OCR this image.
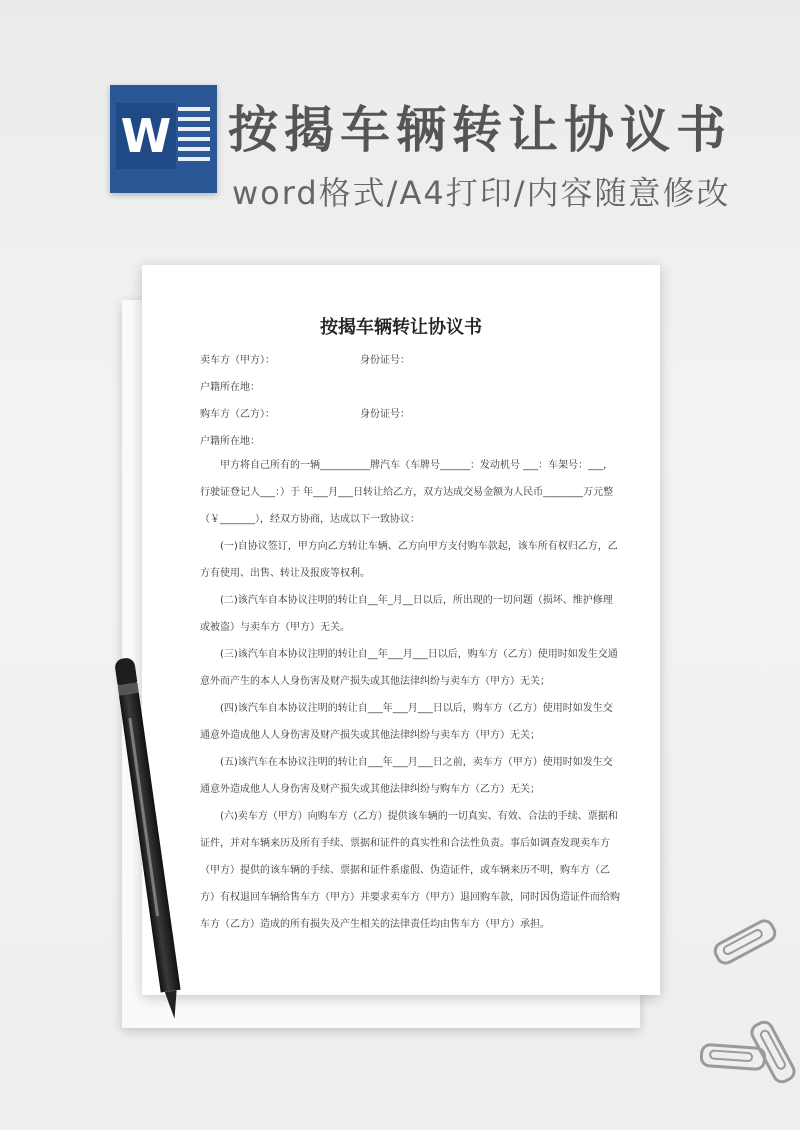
W 按揭车辆转让协议书
word格式/A4打印/内容随意修改
按揭车辆转让协议书
卖车方（甲方）：	身份证号：
户籍所在地：
购车方（乙方）：	身份证号：
户籍所在地：
甲方将自己所有的一辆__________牌汽车（车牌号______：发动机号 ___：车架号：___，行驶证登记人___：）于 年___月___日转让给乙方，双方达成交易金额为人民币________万元整（￥_______），经双方协商，达成以下一致协议：
(一)自协议签订，甲方向乙方转让车辆、乙方向甲方支付购车款起，该车所有权归乙方，乙方有使用、出售、转让及报废等权利。
(二)该汽车自本协议注明的转让自__年_月__日以后，所出现的一切问题（损坏、维护修理或被盗）与卖车方（甲方）无关。
(三)该汽车自本协议注明的转让自__年___月___日以后，购车方（乙方）使用时如发生交通意外而产生的本人人身伤害及财产损失或其他法律纠纷与卖车方（甲方）无关；
(四)该汽车自本协议注明的转让自___年___月___日以后，购车方（乙方）使用时如发生交通意外造成他人人身伤害及财产损失或其他法律纠纷与卖车方（甲方）无关；
(五)该汽车在本协议注明的转让自___年___月___日之前，卖车方（甲方）使用时如发生交通意外造成他人人身伤害及财产损失或其他法律纠纷与购车方（乙方）无关；
(六)卖车方（甲方）向购车方（乙方）提供该车辆的一切真实、有效、合法的手续、票据和证件，并对车辆来历及所有手续、票据和证件的真实性和合法性负责。事后如调查发现卖车方（甲方）提供的该车辆的手续、票据和证件系虚假、伪造证件，或车辆来历不明，购车方（乙方）有权退回车辆给售车方（甲方）并要求卖车方（甲方）退回购车款，同时因伪造证件而给购车方（乙方）造成的所有损失及产生相关的法律责任均由售车方（甲方）承担。
